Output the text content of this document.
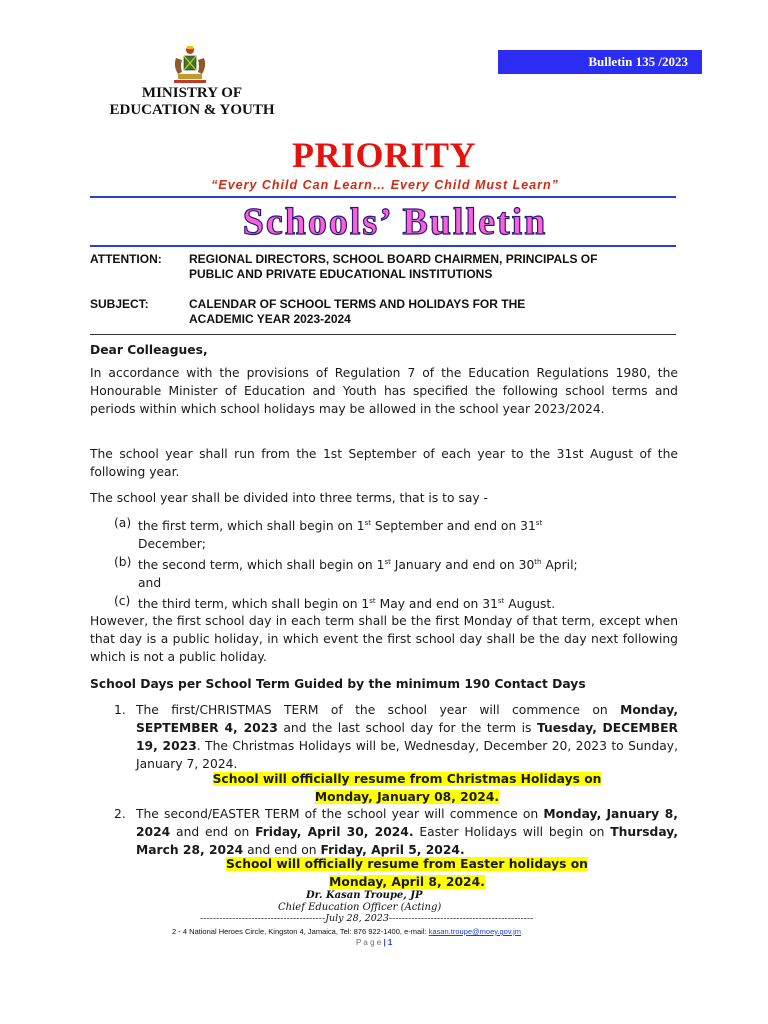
MINISTRY OF
EDUCATION & YOUTH
Bulletin 135 /2023
PRIORITY
“Every Child Can Learn… Every Child Must Learn”
Schools’ Bulletin
ATTENTION: REGIONAL DIRECTORS, SCHOOL BOARD CHAIRMEN, PRINCIPALS OF
PUBLIC AND PRIVATE EDUCATIONAL INSTITUTIONS
SUBJECT:	CALENDAR OF SCHOOL TERMS AND HOLIDAYS FOR THE
ACADEMIC YEAR 2023-2024
Dear Colleagues,
In accordance with the provisions of Regulation 7 of the Education Regulations 1980, the Honourable Minister of Education and Youth has specified the following school terms and periods within which school holidays may be allowed in the school year 2023/2024.
The school year shall run from the 1st September of each year to the 31st August of the following year.
The school year shall be divided into three terms, that is to say -
(a) the first term, which shall begin on 1st September and end on 31st
December;
(b) the second term, which shall begin on 1st January and end on 30th April;
and
(c) the third term, which shall begin on 1st May and end on 31st August.
However, the first school day in each term shall be the first Monday of that term, except when that day is a public holiday, in which event the first school day shall be the day next following which is not a public holiday.
School Days per School Term Guided by the minimum 190 Contact Days
1. The first/CHRISTMAS TERM of the school year will commence on Monday, SEPTEMBER 4, 2023 and the last school day for the term is Tuesday, DECEMBER 19, 2023. The Christmas Holidays will be, Wednesday, December 20, 2023 to Sunday, January 7, 2024.
School will officially resume from Christmas Holidays on
Monday, January 08, 2024.
2. The second/EASTER TERM of the school year will commence on Monday, January 8, 2024 and end on Friday, April 30, 2024. Easter Holidays will begin on Thursday, March 28, 2024 and end on Friday, April 5, 2024.
School will officially resume from Easter holidays on
Monday, April 8, 2024.
Dr. Kasan Troupe, JP
Chief Education Officer (Acting)
---------------------------------------July 28, 2023---------------------------------------------
2 - 4 National Heroes Circle, Kingston 4, Jamaica, Tel: 876 922-1400, e-mail: kasan.troupe@moey.gov.jm
P a g e | 1
